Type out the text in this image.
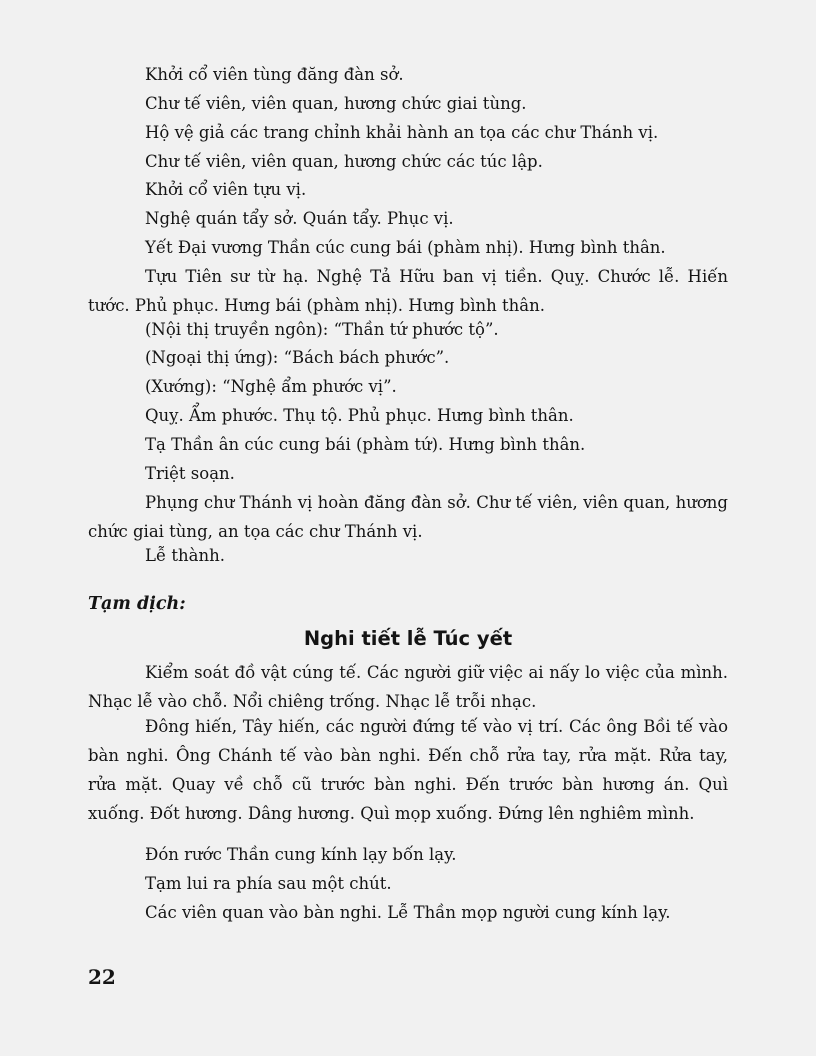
Khởi cổ viên tùng đăng đàn sở.
Chư tế viên, viên quan, hương chức giai tùng.
Hộ vệ giả các trang chỉnh khải hành an tọa các chư Thánh vị.
Chư tế viên, viên quan, hương chức các túc lập.
Khởi cổ viên tựu vị.
Nghệ quán tẩy sở. Quán tẩy. Phục vị.
Yết Đại vương Thần cúc cung bái (phàm nhị). Hưng bình thân.
Tựu Tiên sư từ hạ. Nghệ Tả Hữu ban vị tiền. Quỵ. Chước lễ. Hiến tước. Phủ phục. Hưng bái (phàm nhị). Hưng bình thân.
(Nội thị truyền ngôn): “Thần tứ phước tộ”.
(Ngoại thị ứng): “Bách bách phước”.
(Xướng): “Nghệ ẩm phước vị”.
Quỵ. Ẩm phước. Thụ tộ. Phủ phục. Hưng bình thân.
Tạ Thần ân cúc cung bái (phàm tứ). Hưng bình thân.
Triệt soạn.
Phụng chư Thánh vị hoàn đăng đàn sở. Chư tế viên, viên quan, hương chức giai tùng, an tọa các chư Thánh vị.
Lễ thành.
Tạm dịch:
Nghi tiết lễ Túc yết
Kiểm soát đồ vật cúng tế. Các người giữ việc ai nấy lo việc của mình. Nhạc lễ vào chỗ. Nổi chiêng trống. Nhạc lễ trỗi nhạc.
Đông hiến, Tây hiến, các người đứng tế vào vị trí. Các ông Bồi tế vào bàn nghi. Ông Chánh tế vào bàn nghi. Đến chỗ rửa tay, rửa mặt. Rửa tay, rửa mặt. Quay về chỗ cũ trước bàn nghi. Đến trước bàn hương án. Quì xuống. Đốt hương. Dâng hương. Quì mọp xuống. Đứng lên nghiêm mình.
Đón rước Thần cung kính lạy bốn lạy.
Tạm lui ra phía sau một chút.
Các viên quan vào bàn nghi. Lễ Thần mọp người cung kính lạy.
22
